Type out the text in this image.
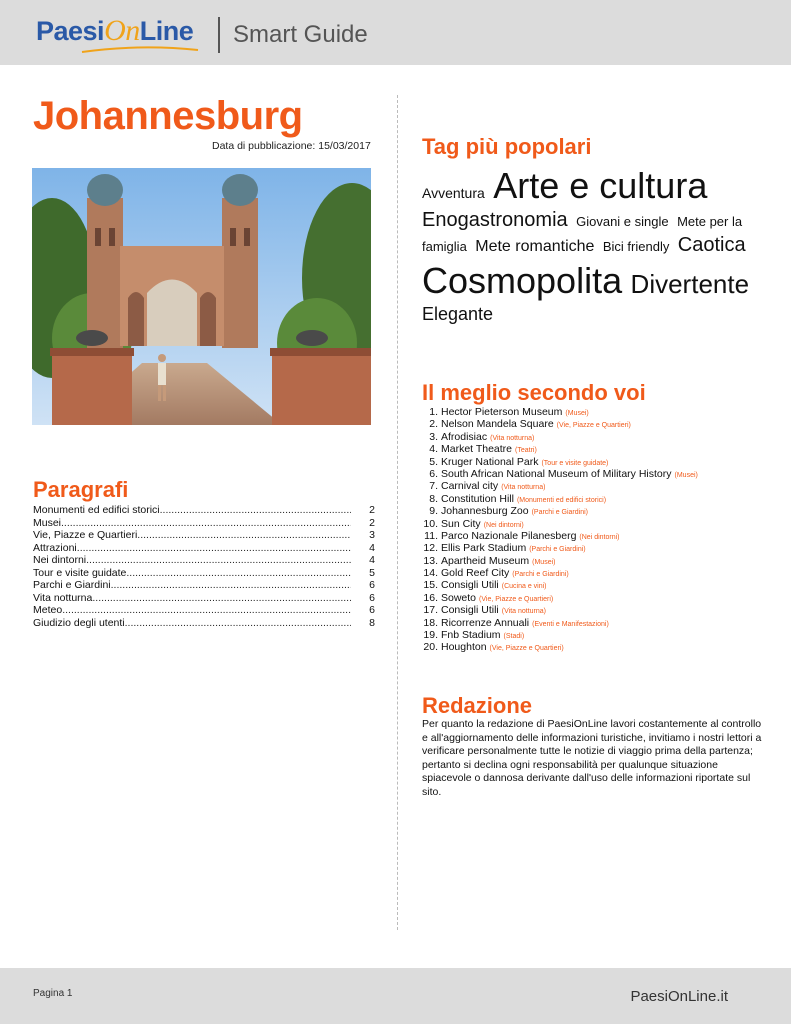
PaesiOnLine Smart Guide
Johannesburg
Data di pubblicazione: 15/03/2017
Paragrafi
Monumenti ed edifici storici .....	2
Musei .....	2
Vie, Piazze e Quartieri .....	3
Attrazioni .....	4
Nei dintorni .....	4
Tour e visite guidate .....	5
Parchi e Giardini .....	6
Vita notturna .....	6
Meteo .....	6
Giudizio degli utenti .....	8
Tag più popolari
Avventura Arte e cultura Enogastronomia Giovani e single Mete per la famiglia Mete romantiche Bici friendly Caotica Cosmopolita Divertente Elegante
Il meglio secondo voi
1. Hector Pieterson Museum (Musei)
2. Nelson Mandela Square (Vie, Piazze e Quartieri)
3. Afrodisiac (Vita notturna)
4. Market Theatre (Teatri)
5. Kruger National Park (Tour e visite guidate)
6. South African National Museum of Military History (Musei)
7. Carnival city (Vita notturna)
8. Constitution Hill (Monumenti ed edifici storici)
9. Johannesburg Zoo (Parchi e Giardini)
10. Sun City (Nei dintorni)
11. Parco Nazionale Pilanesberg (Nei dintorni)
12. Ellis Park Stadium (Parchi e Giardini)
13. Apartheid Museum (Musei)
14. Gold Reef City (Parchi e Giardini)
15. Consigli Utili (Cucina e vini)
16. Soweto (Vie, Piazze e Quartieri)
17. Consigli Utili (Vita notturna)
18. Ricorrenze Annuali (Eventi e Manifestazioni)
19. Fnb Stadium (Stadi)
20. Houghton (Vie, Piazze e Quartieri)
Redazione
Per quanto la redazione di PaesiOnLine lavori costantemente al controllo e all'aggiornamento delle informazioni turistiche, invitiamo i nostri lettori a verificare personalmente tutte le notizie di viaggio prima della partenza; pertanto si declina ogni responsabilità per qualunque situazione spiacevole o dannosa derivante dall'uso delle informazioni riportate sul sito.
Pagina 1	PaesiOnLine.it
